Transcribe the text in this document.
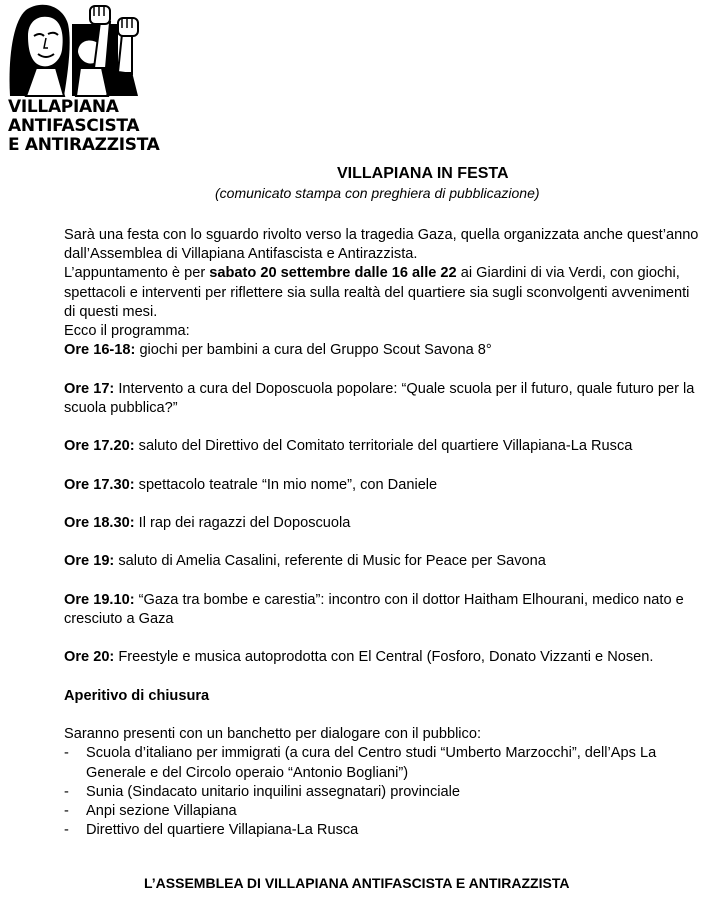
VILLAPIANA
ANTIFASCISTA
E ANTIRAZZISTA
VILLAPIANA IN FESTA
(comunicato stampa con preghiera di pubblicazione)

Sarà una festa con lo sguardo rivolto verso la tragedia Gaza, quella organizzata anche quest’anno dall’Assemblea di Villapiana Antifascista e Antirazzista.

L’appuntamento è per sabato 20 settembre dalle 16 alle 22 ai Giardini di via Verdi, con giochi, spettacoli e interventi per riflettere sia sulla realtà del quartiere sia sugli sconvolgenti avvenimenti di questi mesi.

Ecco il programma:

Ore 16-18: giochi per bambini a cura del Gruppo Scout Savona 8°

Ore 17: Intervento a cura del Doposcuola popolare: “Quale scuola per il futuro, quale futuro per la scuola pubblica?”

Ore 17.20: saluto del Direttivo del Comitato territoriale del quartiere Villapiana-La Rusca

Ore 17.30: spettacolo teatrale “In mio nome”, con Daniele

Ore 18.30: Il rap dei ragazzi del Doposcuola

Ore 19: saluto di Amelia Casalini, referente di Music for Peace per Savona

Ore 19.10: “Gaza tra bombe e carestia”: incontro con il dottor Haitham Elhourani, medico nato e cresciuto a Gaza

Ore 20: Freestyle e musica autoprodotta con El Central (Fosforo, Donato Vizzanti e Nosen.

Aperitivo di chiusura

Saranno presenti con un banchetto per dialogare con il pubblico:

- Scuola d’italiano per immigrati (a cura del Centro studi “Umberto Marzocchi”, dell’Aps La Generale e del Circolo operaio “Antonio Bogliani”)
- Sunia (Sindacato unitario inquilini assegnatari) provinciale
- Anpi sezione Villapiana
- Direttivo del quartiere Villapiana-La Rusca
L’ASSEMBLEA DI VILLAPIANA ANTIFASCISTA E ANTIRAZZISTA
